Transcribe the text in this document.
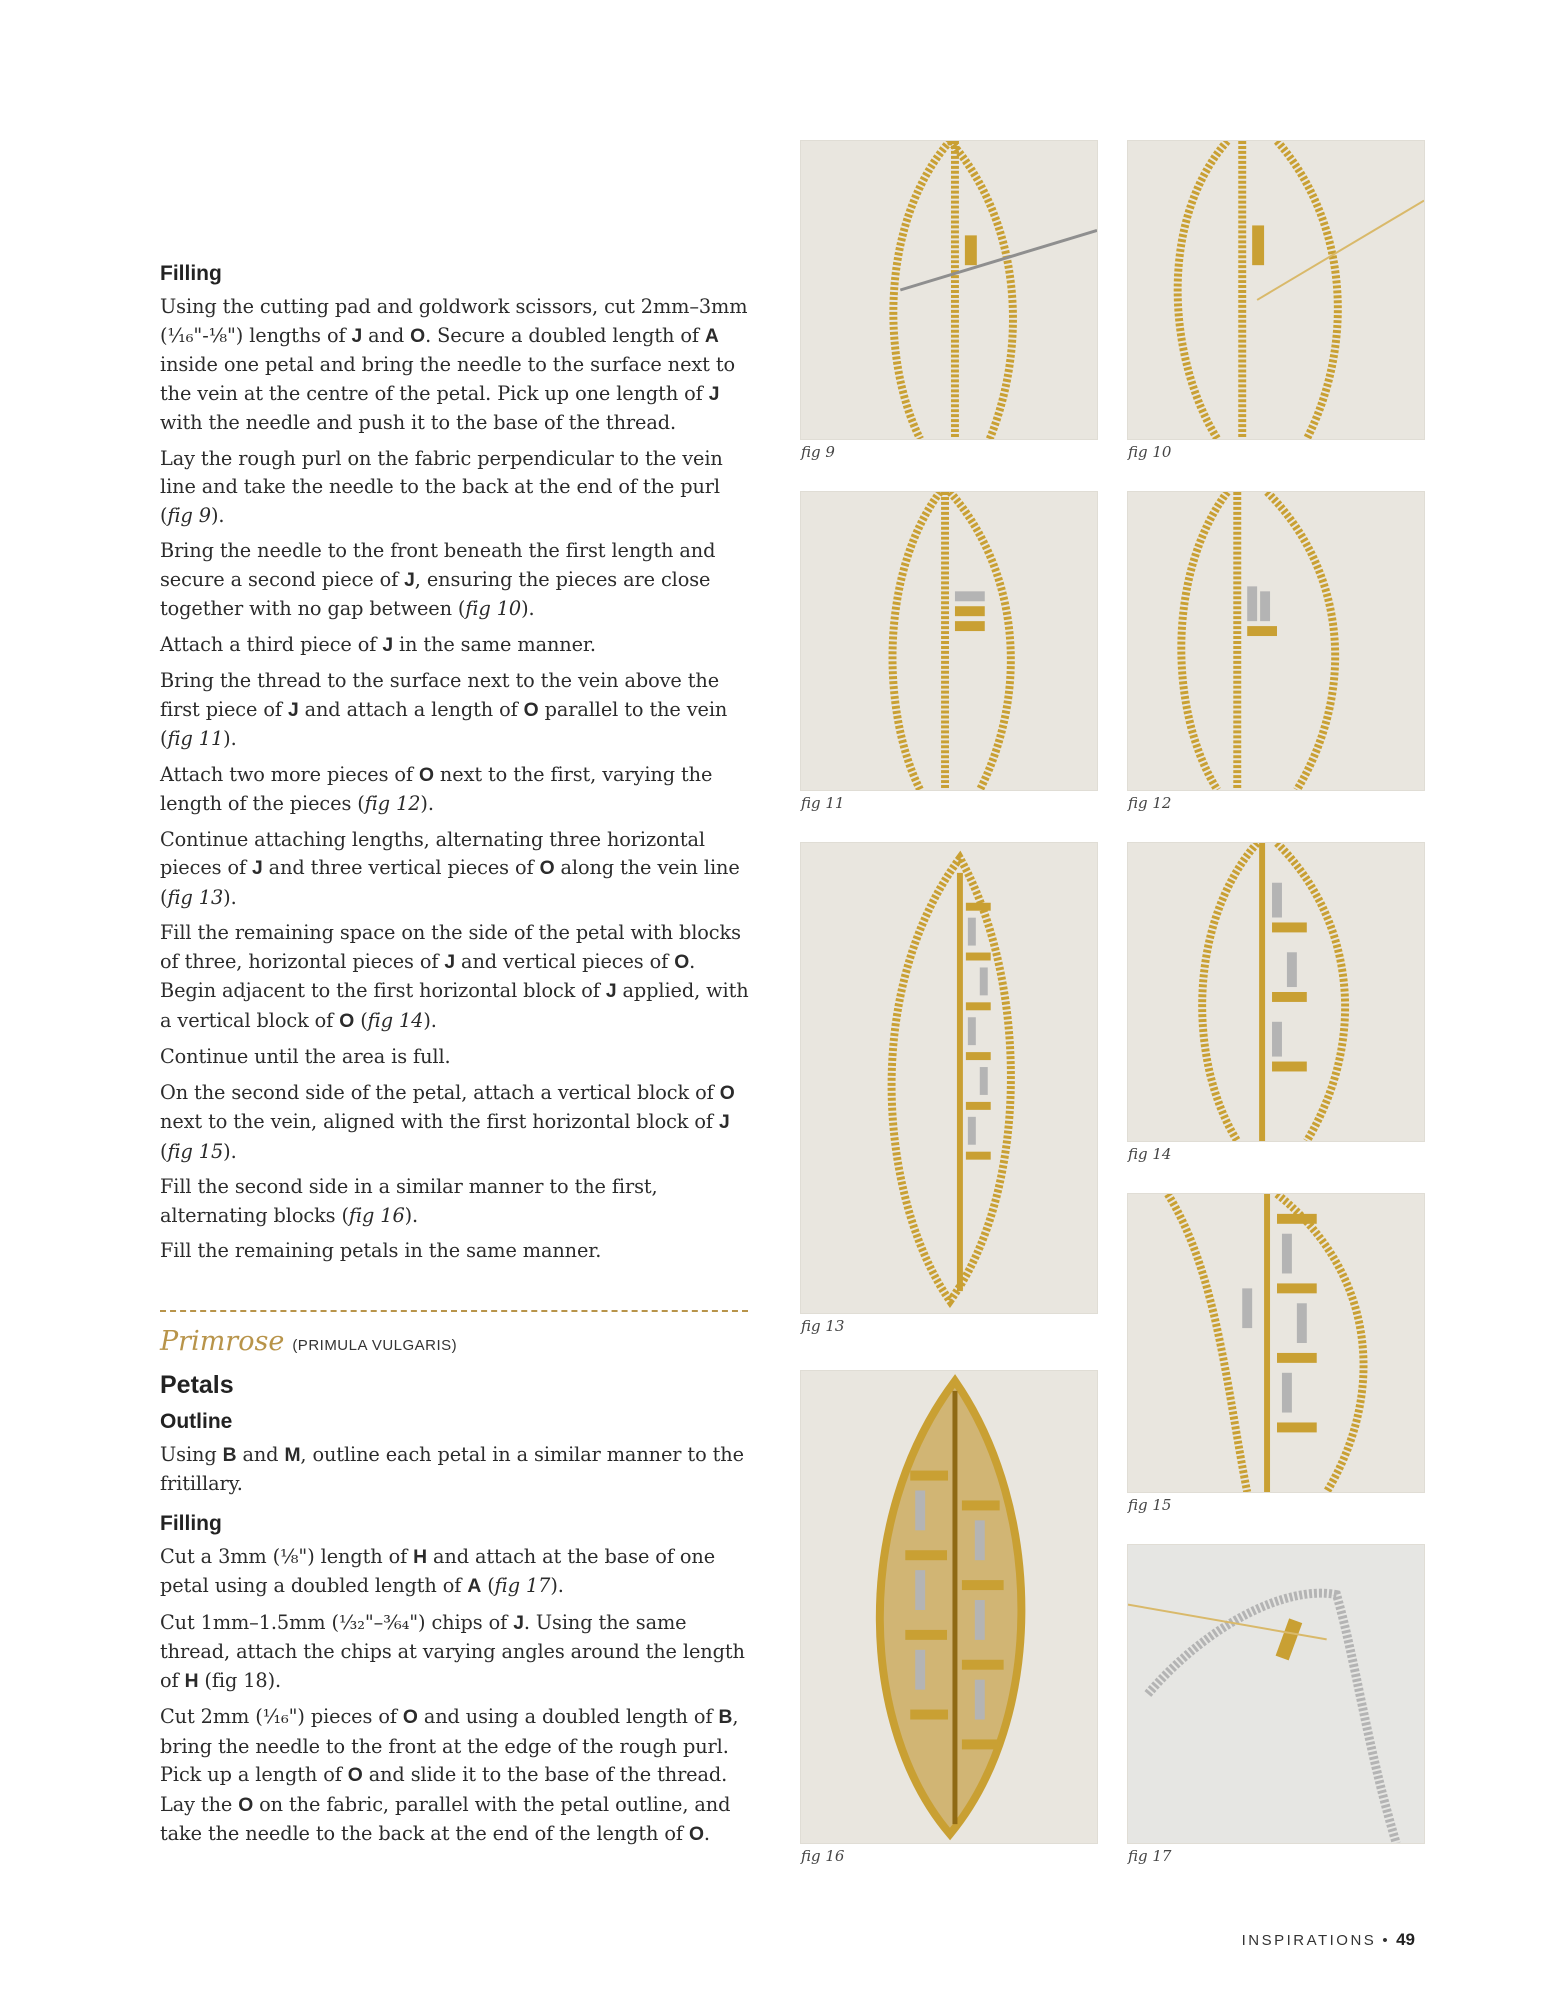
Filling

Using the cutting pad and goldwork scissors, cut 2mm–3mm (¹⁄₁₆"-¹⁄₈") lengths of J and O. Secure a doubled length of A inside one petal and bring the needle to the surface next to the vein at the centre of the petal. Pick up one length of J with the needle and push it to the base of the thread.

Lay the rough purl on the fabric perpendicular to the vein line and take the needle to the back at the end of the purl (fig 9).

Bring the needle to the front beneath the first length and secure a second piece of J, ensuring the pieces are close together with no gap between (fig 10).

Attach a third piece of J in the same manner.

Bring the thread to the surface next to the vein above the first piece of J and attach a length of O parallel to the vein (fig 11).

Attach two more pieces of O next to the first, varying the length of the pieces (fig 12).

Continue attaching lengths, alternating three horizontal pieces of J and three vertical pieces of O along the vein line (fig 13).

Fill the remaining space on the side of the petal with blocks of three, horizontal pieces of J and vertical pieces of O. Begin adjacent to the first horizontal block of J applied, with a vertical block of O (fig 14).

Continue until the area is full.

On the second side of the petal, attach a vertical block of O next to the vein, aligned with the first horizontal block of J (fig 15).

Fill the second side in a similar manner to the first, alternating blocks (fig 16).

Fill the remaining petals in the same manner.

Primrose (PRIMULA VULGARIS)
Petals
Outline

Using B and M, outline each petal in a similar manner to the fritillary.

Filling

Cut a 3mm (¹⁄₈") length of H and attach at the base of one petal using a doubled length of A (fig 17).

Cut 1mm–1.5mm (¹⁄₃₂"–³⁄₆₄") chips of J. Using the same thread, attach the chips at varying angles around the length of H (fig 18).

Cut 2mm (¹⁄₁₆") pieces of O and using a doubled length of B, bring the needle to the front at the edge of the rough purl. Pick up a length of O and slide it to the base of the thread. Lay the O on the fabric, parallel with the petal outline, and take the needle to the back at the end of the length of O.

fig 9	fig 10
fig 11	fig 12
fig 13
fig 14
fig 15
fig 16	fig 17
INSPIRATIONS • 49
